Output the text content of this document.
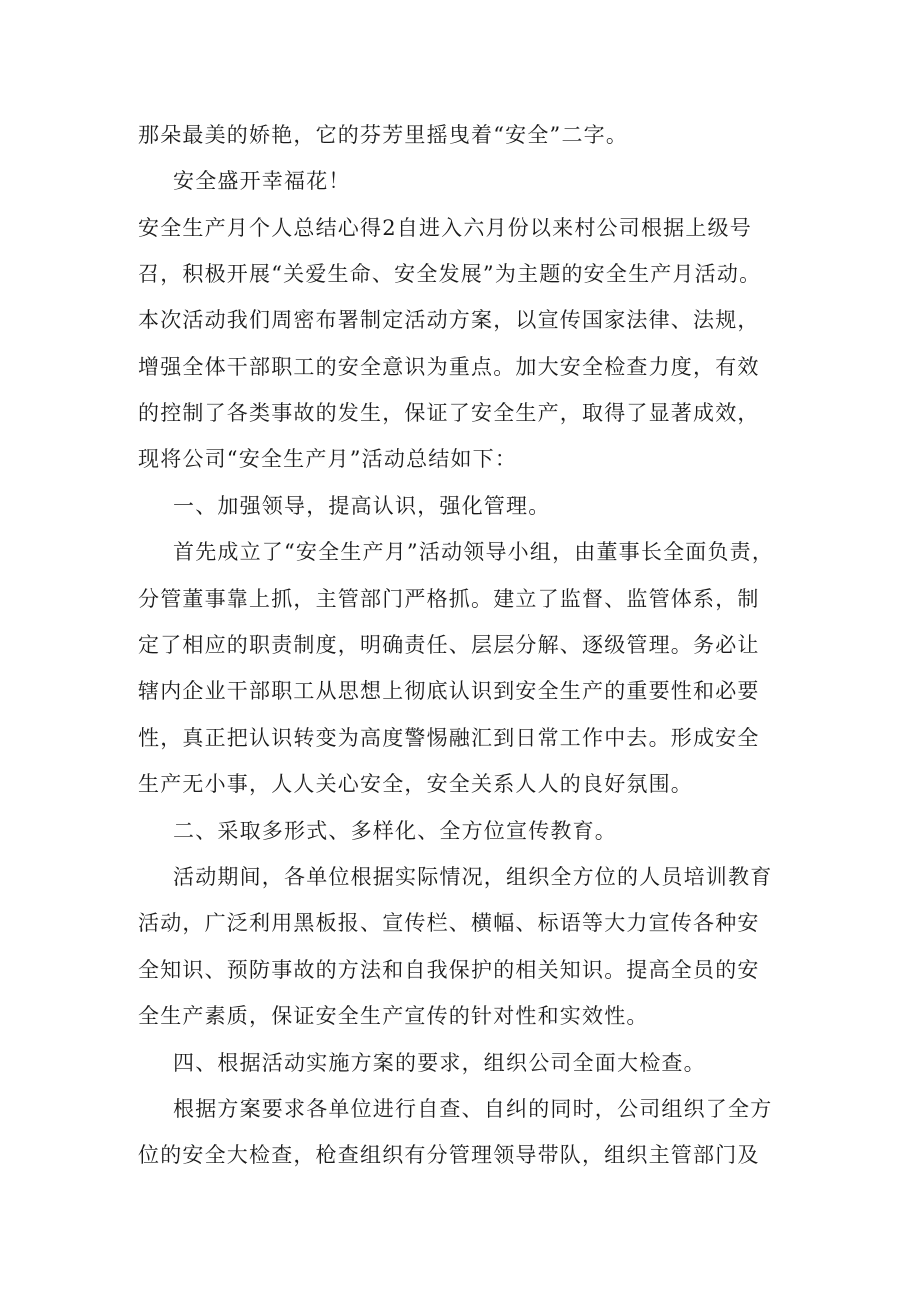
那朵最美的娇艳，它的芬芳里摇曳着“安全”二字。
安全盛开幸福花！
安全生产月个人总结心得2自进入六月份以来村公司根据上级号
召，积极开展“关爱生命、安全发展”为主题的安全生产月活动。
本次活动我们周密布署制定活动方案，以宣传国家法律、法规，
增强全体干部职工的安全意识为重点。加大安全检查力度，有效
的控制了各类事故的发生，保证了安全生产，取得了显著成效，
现将公司“安全生产月”活动总结如下：
一、加强领导，提高认识，强化管理。
首先成立了“安全生产月”活动领导小组，由董事长全面负责，
分管董事靠上抓，主管部门严格抓。建立了监督、监管体系，制
定了相应的职责制度，明确责任、层层分解、逐级管理。务必让
辖内企业干部职工从思想上彻底认识到安全生产的重要性和必要
性，真正把认识转变为高度警惕融汇到日常工作中去。形成安全
生产无小事，人人关心安全，安全关系人人的良好氛围。
二、采取多形式、多样化、全方位宣传教育。
活动期间，各单位根据实际情况，组织全方位的人员培训教育
活动，广泛利用黑板报、宣传栏、横幅、标语等大力宣传各种安
全知识、预防事故的方法和自我保护的相关知识。提高全员的安
全生产素质，保证安全生产宣传的针对性和实效性。
四、根据活动实施方案的要求，组织公司全面大检查。
根据方案要求各单位进行自查、自纠的同时，公司组织了全方
位的安全大检查，枪查组织有分管理领导带队，组织主管部门及
